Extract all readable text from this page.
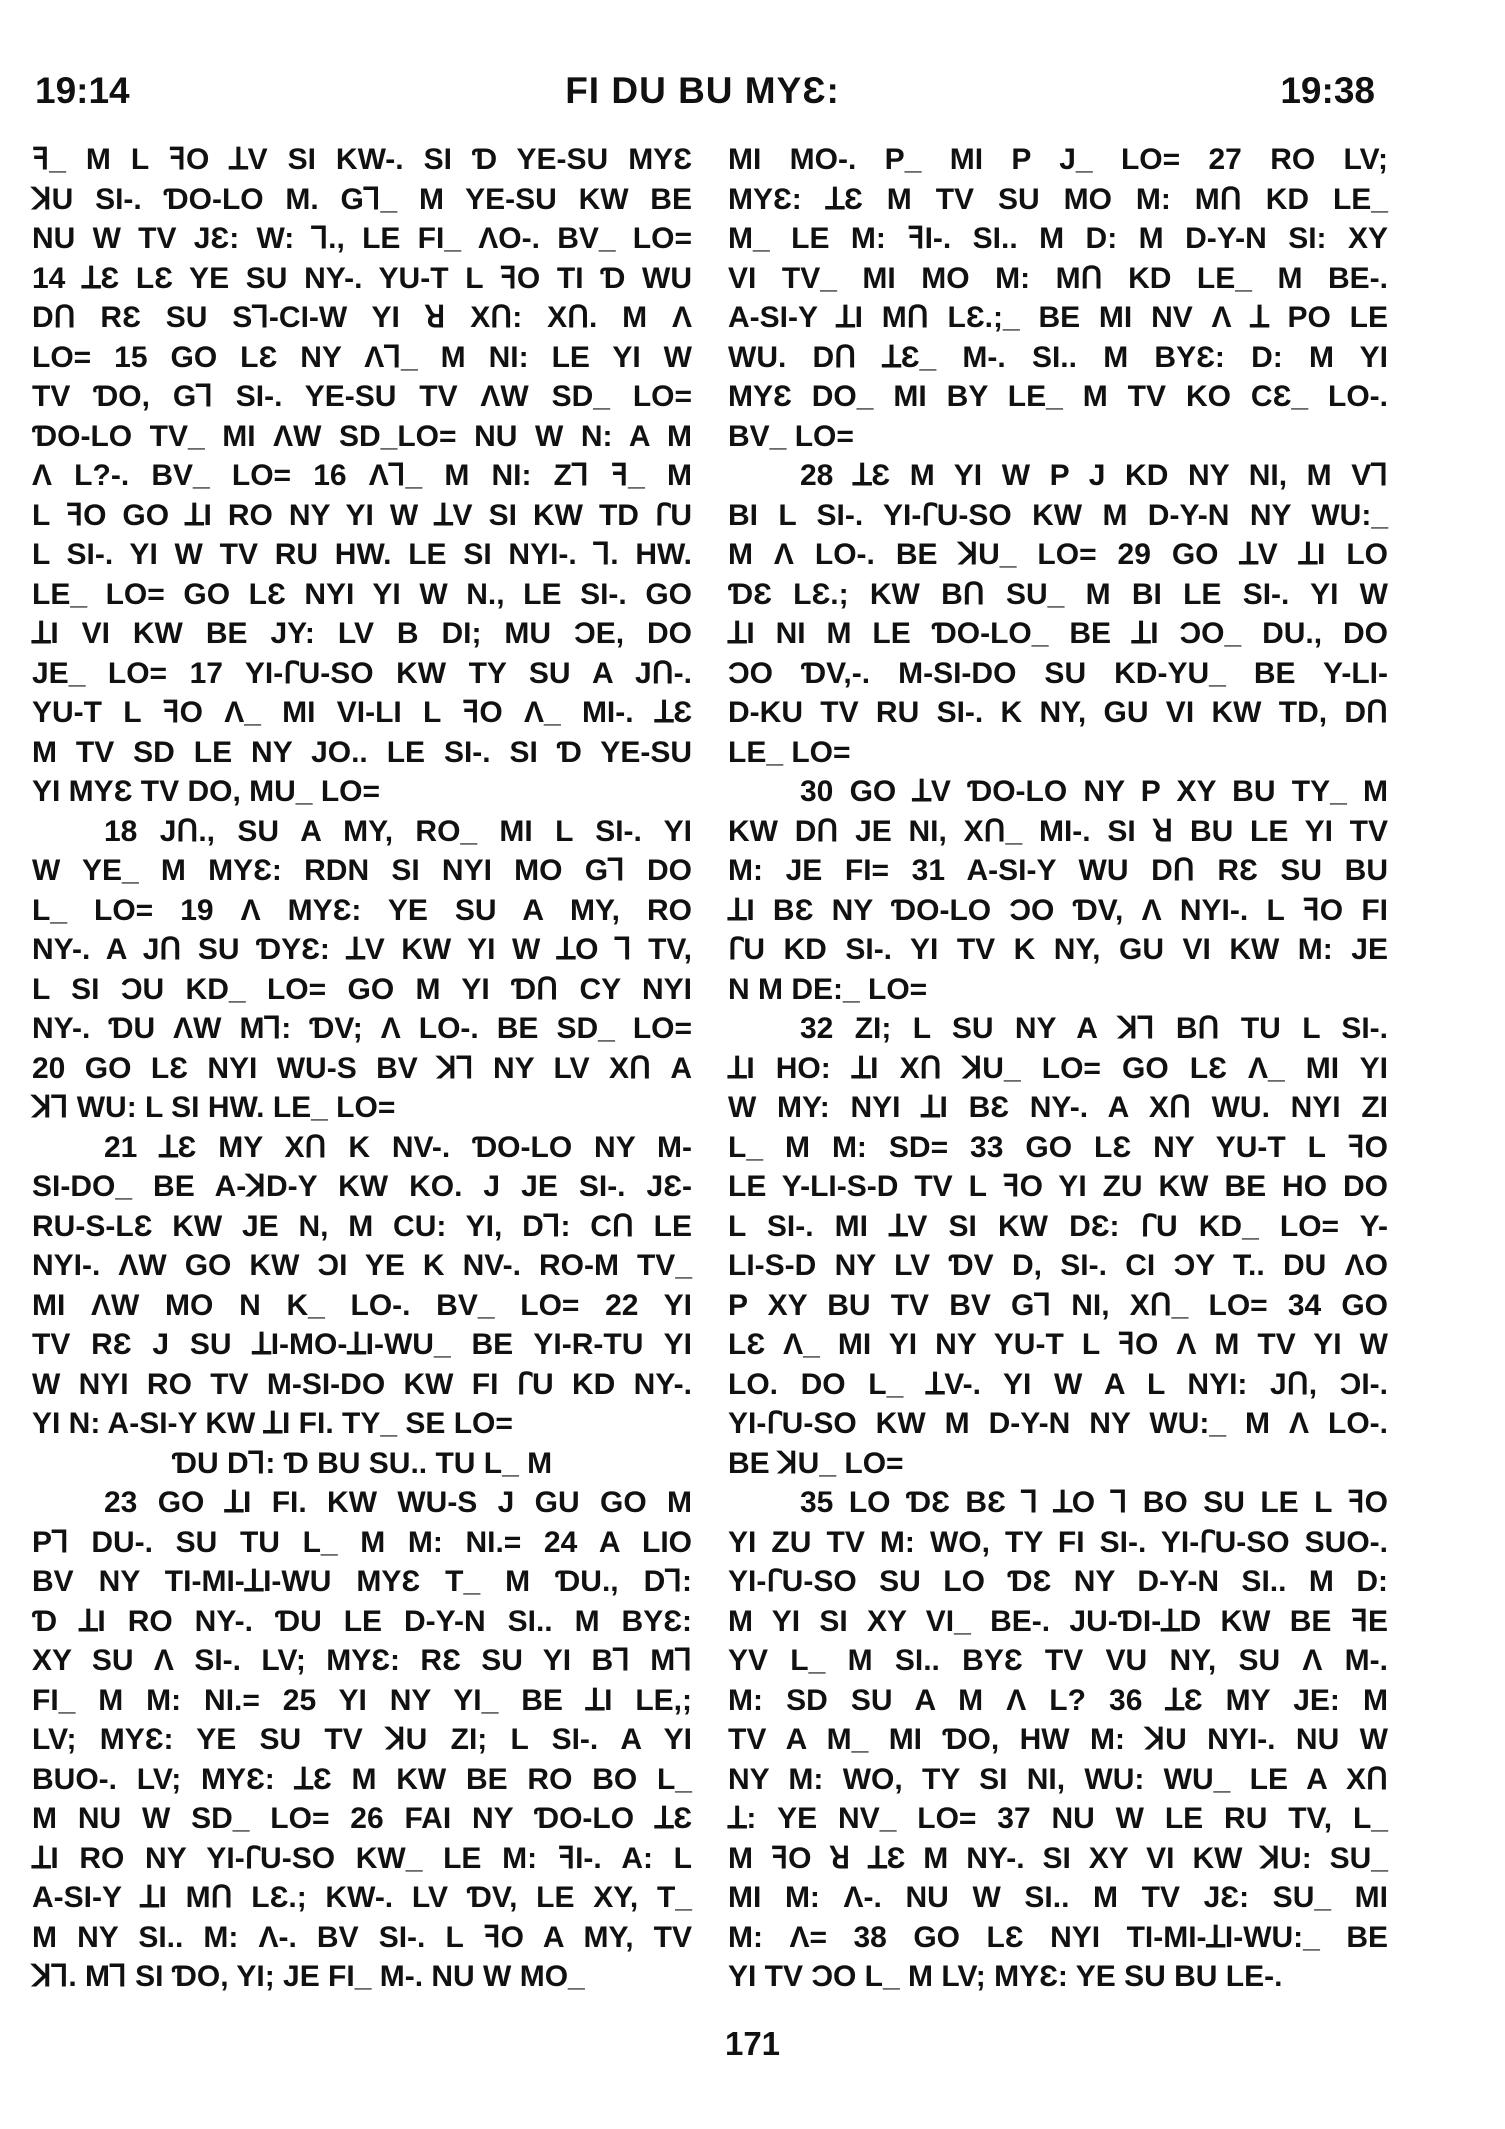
19:14	FI DU BU MYƐ:	19:38

ꟻ_ M L ꟻO ꓕV SI KW-. SI Ɗ YE-SU MYƐ

ꓘU SI-. ƊO-LO M. Gꓶ_ M YE-SU KW BE

NU W TV JƐ: W: ꓶ., LE FI_ ΛO-. BV_ LO=

14 ꓕƐ LƐ YE SU NY-. YU-T L ꟻO TI Ɗ WU

DՈ RƐ SU Sꓶ-CI-W YI ꓤ XՈ: XՈ. M Λ

LO= 15 GO LƐ NY Λꓶ_ M NI: LE YI W

TV ƊO, Gꓶ SI-. YE-SU TV ΛW SD_ LO=

ƊO-LO TV_ MI ΛW SD_LO= NU W N: A M

Λ L?-. BV_ LO= 16 Λꓶ_ M NI: Zꓶ ꟻ_ M

L ꟻO GO ꓕI RO NY YI W ꓕV SI KW TD ꓩU

L SI-. YI W TV RU HW. LE SI NYI-. ꓶ. HW.

LE_ LO= GO LƐ NYI YI W N., LE SI-. GO

ꓕI VI KW BE JY: LV B DI; MU ƆE, DO

JE_ LO= 17 YI-ꓩU-SO KW TY SU A JՈ-.

YU-T L ꟻO Λ_ MI VI-LI L ꟻO Λ_ MI-. ꓕƐ

M TV SD LE NY JO.. LE SI-. SI Ɗ YE-SU

YI MYƐ TV DO, MU_ LO=

18 JՈ., SU A MY, RO_ MI L SI-. YI

W YE_ M MYƐ: RDN SI NYI MO Gꓶ DO

L_ LO= 19 Λ MYƐ: YE SU A MY, RO

NY-. A JՈ SU ƊYƐ: ꓕV KW YI W ꓕO ꓶ TV,

L SI ƆU KD_ LO= GO M YI ƊՈ CY NYI

NY-. ƊU ΛW Mꓶ: ƊV; Λ LO-. BE SD_ LO=

20 GO LƐ NYI WU-S BV ꓘꓶ NY LV XՈ A

ꓘꓶ WU: L SI HW. LE_ LO=

21 ꓕƐ MY XՈ K NV-. ƊO-LO NY M-

SI-DO_ BE A-ꓘD-Y KW KO. J JE SI-. JƐ-

RU-S-LƐ KW JE N, M CU: YI, Dꓶ: CՈ LE

NYI-. ΛW GO KW ƆI YE K NV-. RO-M TV_

MI ΛW MO N K_ LO-. BV_ LO= 22 YI

TV RƐ J SU ꓕI-MO-ꓕI-WU_ BE YI-R-TU YI

W NYI RO TV M-SI-DO KW FI ꓩU KD NY-.

YI N: A-SI-Y KW ꓕI FI. TY_ SE LO=

ƊU Dꓶ: Ɗ BU SU.. TU L_ M

23 GO ꓕI FI. KW WU-S J GU GO M

Pꓶ DU-. SU TU L_ M M: NI.= 24 A LIO

BV NY TI-MI-ꓕI-WU MYƐ T_ M ƊU., Dꓶ:

Ɗ ꓕI RO NY-. ƊU LE D-Y-N SI.. M BYƐ:

XY SU Λ SI-. LV; MYƐ: RƐ SU YI Bꓶ Mꓶ

FI_ M M: NI.= 25 YI NY YI_ BE ꓕI LE,;

LV; MYƐ: YE SU TV ꓘU ZI; L SI-. A YI

BUO-. LV; MYƐ: ꓕƐ M KW BE RO BO L_

M NU W SD_ LO= 26 FAI NY ƊO-LO ꓕƐ

ꓕI RO NY YI-ꓩU-SO KW_ LE M: ꟻI-. A: L

A-SI-Y ꓕI MՈ LƐ.; KW-. LV ƊV, LE XY, T_

M NY SI.. M: Λ-. BV SI-. L ꟻO A MY, TV

ꓘꓶ. Mꓶ SI ƊO, YI; JE FI_ M-. NU W MO_

MI MO-. P_ MI P J_ LO= 27 RO LV;

MYƐ: ꓕƐ M TV SU MO M: MՈ KD LE_

M_ LE M: ꟻI-. SI.. M D: M D-Y-N SI: XY

VI TV_ MI MO M: MՈ KD LE_ M BE-.

A-SI-Y ꓕI MՈ LƐ.;_ BE MI NV Λ ꓕ PO LE

WU. DՈ ꓕƐ_ M-. SI.. M BYƐ: D: M YI

MYƐ DO_ MI BY LE_ M TV KO CƐ_ LO-.

BV_ LO=

28 ꓕƐ M YI W P J KD NY NI, M Vꓶ

BI L SI-. YI-ꓩU-SO KW M D-Y-N NY WU:_

M Λ LO-. BE ꓘU_ LO= 29 GO ꓕV ꓕI LO

ƊƐ LƐ.; KW BՈ SU_ M BI LE SI-. YI W

ꓕI NI M LE ƊO-LO_ BE ꓕI ƆO_ DU., DO

ƆO ƊV,-. M-SI-DO SU KD-YU_ BE Y-LI-

D-KU TV RU SI-. K NY, GU VI KW TD, DՈ

LE_ LO=

30 GO ꓕV ƊO-LO NY P XY BU TY_ M

KW DՈ JE NI, XՈ_ MI-. SI ꓤ BU LE YI TV

M: JE FI= 31 A-SI-Y WU DՈ RƐ SU BU

ꓕI BƐ NY ƊO-LO ƆO ƊV, Λ NYI-. L ꟻO FI

ꓩU KD SI-. YI TV K NY, GU VI KW M: JE

N M DE:_ LO=

32 ZI; L SU NY A ꓘꓶ BՈ TU L SI-.

ꓕI HO: ꓕI XՈ ꓘU_ LO= GO LƐ Λ_ MI YI

W MY: NYI ꓕI BƐ NY-. A XՈ WU. NYI ZI

L_ M M: SD= 33 GO LƐ NY YU-T L ꟻO

LE Y-LI-S-D TV L ꟻO YI ZU KW BE HO DO

L SI-. MI ꓕV SI KW DƐ: ꓩU KD_ LO= Y-

LI-S-D NY LV ƊV D, SI-. CI ƆY T.. DU ΛO

P XY BU TV BV Gꓶ NI, XՈ_ LO= 34 GO

LƐ Λ_ MI YI NY YU-T L ꟻO Λ M TV YI W

LO. DO L_ ꓕV-. YI W A L NYI: JՈ, ƆI-.

YI-ꓩU-SO KW M D-Y-N NY WU:_ M Λ LO-.

BE ꓘU_ LO=

35 LO ƊƐ BƐ ꓶ ꓕO ꓶ BO SU LE L ꟻO

YI ZU TV M: WO, TY FI SI-. YI-ꓩU-SO SUO-.

YI-ꓩU-SO SU LO ƊƐ NY D-Y-N SI.. M D:

M YI SI XY VI_ BE-. JU-ƊI-ꓕD KW BE ꟻE

YV L_ M SI.. BYƐ TV VU NY, SU Λ M-.

M: SD SU A M Λ L? 36 ꓕƐ MY JE: M

TV A M_ MI ƊO, HW M: ꓘU NYI-. NU W

NY M: WO, TY SI NI, WU: WU_ LE A XՈ

ꓕ: YE NV_ LO= 37 NU W LE RU TV, L_

M ꟻO ꓤ ꓕƐ M NY-. SI XY VI KW ꓘU: SU_

MI M: Λ-. NU W SI.. M TV JƐ: SU_ MI

M: Λ= 38 GO LƐ NYI TI-MI-ꓕI-WU:_ BE

YI TV ƆO L_ M LV; MYƐ: YE SU BU LE-.

171
